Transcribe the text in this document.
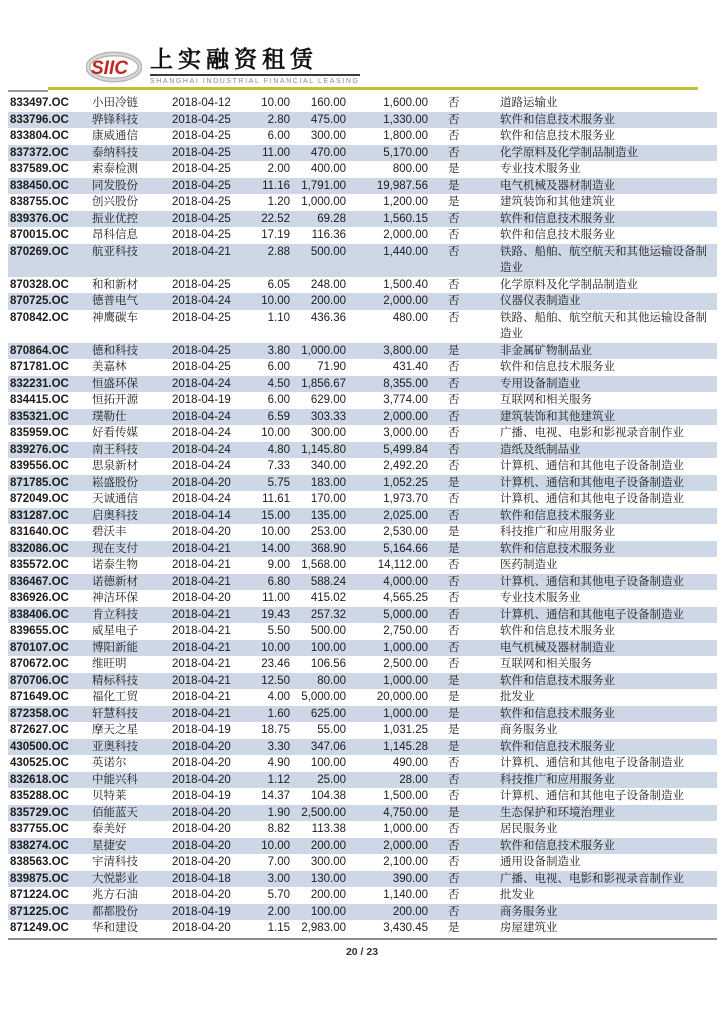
SIIC 上实融资租赁
SHANGHAI INDUSTRIAL FINANCIAL LEASING
833497.OC	小田冷链	2018-04-12	10.00	160.00	1,600.00	否	道路运输业
833796.OC	骅锋科技	2018-04-25	2.80	475.00	1,330.00	否	软件和信息技术服务业
833804.OC	康威通信	2018-04-25	6.00	300.00	1,800.00	否	软件和信息技术服务业
837372.OC	泰纳科技	2018-04-25	11.00	470.00	5,170.00	否	化学原料及化学制品制造业
837589.OC	索泰检测	2018-04-25	2.00	400.00	800.00	是	专业技术服务业
838450.OC	同发股份	2018-04-25	11.16 1,791.00	19,987.56	是	电气机械及器材制造业
838755.OC	创兴股份	2018-04-25	1.20 1,000.00	1,200.00	是	建筑装饰和其他建筑业
839376.OC	振业优控	2018-04-25	22.52	69.28	1,560.15	否	软件和信息技术服务业
870015.OC	昂科信息	2018-04-25	17.19	116.36	2,000.00	否	软件和信息技术服务业
870269.OC	航亚科技	2018-04-21	2.88	500.00	1,440.00	否	铁路、船舶、航空航天和其他运输设备制造业
870328.OC	和和新材	2018-04-25	6.05	248.00	1,500.40	否	化学原料及化学制品制造业
870725.OC	德普电气	2018-04-24	10.00	200.00	2,000.00	否	仪器仪表制造业
870842.OC	神鹰碳车	2018-04-25	1.10	436.36	480.00	否	铁路、船舶、航空航天和其他运输设备制造业
870864.OC	德和科技	2018-04-25	3.80 1,000.00	3,800.00	是	非金属矿物制品业
871781.OC	美嘉林	2018-04-25	6.00	71.90	431.40	否	软件和信息技术服务业
832231.OC	恒盛环保	2018-04-24	4.50 1,856.67	8,355.00	否	专用设备制造业
834415.OC	恒拓开源	2018-04-19	6.00	629.00	3,774.00	否	互联网和相关服务
835321.OC	璞勒仕	2018-04-24	6.59	303.33	2,000.00	否	建筑装饰和其他建筑业
835959.OC	好看传媒	2018-04-24	10.00	300.00	3,000.00	否	广播、电视、电影和影视录音制作业
839276.OC	南王科技	2018-04-24	4.80 1,145.80	5,499.84	否	造纸及纸制品业
839556.OC	思泉新材	2018-04-24	7.33	340.00	2,492.20	否	计算机、通信和其他电子设备制造业
871785.OC	崧盛股份	2018-04-20	5.75	183.00	1,052.25	是	计算机、通信和其他电子设备制造业
872049.OC	天诚通信	2018-04-24	11.61	170.00	1,973.70	否	计算机、通信和其他电子设备制造业
831287.OC	启奥科技	2018-04-14	15.00	135.00	2,025.00	否	软件和信息技术服务业
831640.OC	碧沃丰	2018-04-20	10.00	253.00	2,530.00	是	科技推广和应用服务业
832086.OC	现在支付	2018-04-21	14.00	368.90	5,164.66	是	软件和信息技术服务业
835572.OC	诺泰生物	2018-04-21	9.00 1,568.00	14,112.00	否	医药制造业
836467.OC	诺德新材	2018-04-21	6.80	588.24	4,000.00	否	计算机、通信和其他电子设备制造业
836926.OC	神洁环保	2018-04-20	11.00	415.02	4,565.25	否	专业技术服务业
838406.OC	肯立科技	2018-04-21	19.43	257.32	5,000.00	否	计算机、通信和其他电子设备制造业
839655.OC	威星电子	2018-04-21	5.50	500.00	2,750.00	否	软件和信息技术服务业
870107.OC	博阳新能	2018-04-21	10.00	100.00	1,000.00	否	电气机械及器材制造业
870672.OC	维旺明	2018-04-21	23.46	106.56	2,500.00	否	互联网和相关服务
870706.OC	精标科技	2018-04-21	12.50	80.00	1,000.00	是	软件和信息技术服务业
871649.OC	福化工贸	2018-04-21	4.00 5,000.00	20,000.00	是	批发业
872358.OC	轩慧科技	2018-04-21	1.60	625.00	1,000.00	是	软件和信息技术服务业
872627.OC	摩天之星	2018-04-19	18.75	55.00	1,031.25	是	商务服务业
430500.OC	亚奥科技	2018-04-20	3.30	347.06	1,145.28	是	软件和信息技术服务业
430525.OC	英诺尔	2018-04-20	4.90	100.00	490.00	否	计算机、通信和其他电子设备制造业
832618.OC	中能兴科	2018-04-20	1.12	25.00	28.00	否	科技推广和应用服务业
835288.OC	贝特莱	2018-04-19	14.37	104.38	1,500.00	否	计算机、通信和其他电子设备制造业
835729.OC	佰能蓝天	2018-04-20	1.90 2,500.00	4,750.00	是	生态保护和环境治理业
837755.OC	泰美好	2018-04-20	8.82	113.38	1,000.00	否	居民服务业
838274.OC	星捷安	2018-04-20	10.00	200.00	2,000.00	否	软件和信息技术服务业
838563.OC	宇清科技	2018-04-20	7.00	300.00	2,100.00	否	通用设备制造业
839875.OC	大悦影业	2018-04-18	3.00	130.00	390.00	否	广播、电视、电影和影视录音制作业
871224.OC	兆方石油	2018-04-20	5.70	200.00	1,140.00	否	批发业
871225.OC	都都股份	2018-04-19	2.00	100.00	200.00	否	商务服务业
871249.OC	华和建设	2018-04-20	1.15 2,983.00	3,430.45	是	房屋建筑业
20 / 23
